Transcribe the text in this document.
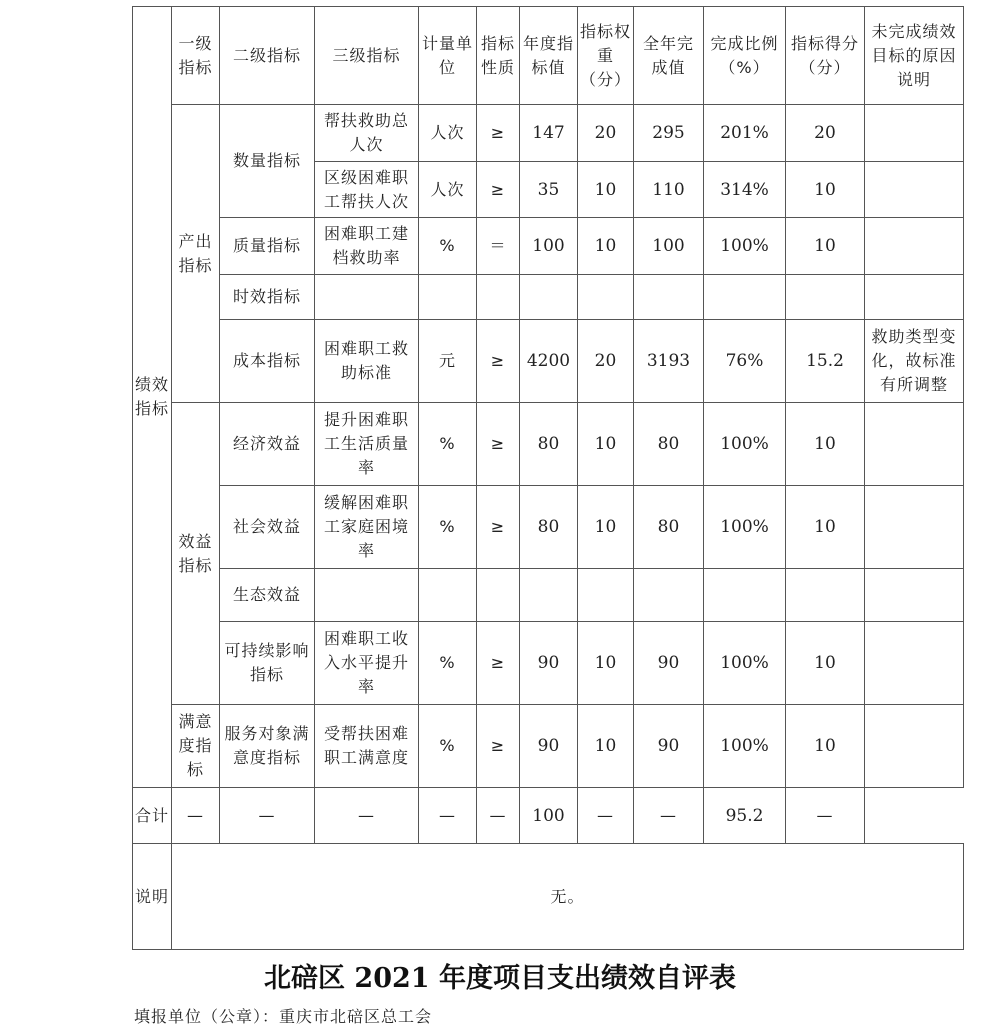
绩效指标	一级指标	二级指标	三级指标	计量单位	指标性质	年度指标值	指标权重（分）	全年完成值	完成比例（%）	指标得分（分）	未完成绩效目标的原因说明
	产出指标	数量指标	帮扶救助总人次	人次	≥	147	20	295	201%	20	
			区级困难职工帮扶人次	人次	≥	35	10	110	314%	10	
		质量指标	困难职工建档救助率	%	＝	100	10	100	100%	10	
		时效指标									
		成本指标	困难职工救助标准	元	≥	4200	20	3193	76%	15.2	救助类型变化，故标准有所调整
	效益指标	经济效益	提升困难职工生活质量率	%	≥	80	10	80	100%	10	
		社会效益	缓解困难职工家庭困境率	%	≥	80	10	80	100%	10	
		生态效益									
		可持续影响指标	困难职工收入水平提升率	%	≥	90	10	90	100%	10	
	满意度指标	服务对象满意度指标	受帮扶困难职工满意度	%	≥	90	10	90	100%	10	
合计	—	—	—	—	—	100	—	—	95.2	—	
说明	无。										
北碚区 2021 年度项目支出绩效自评表
填报单位（公章）：重庆市北碚区总工会
